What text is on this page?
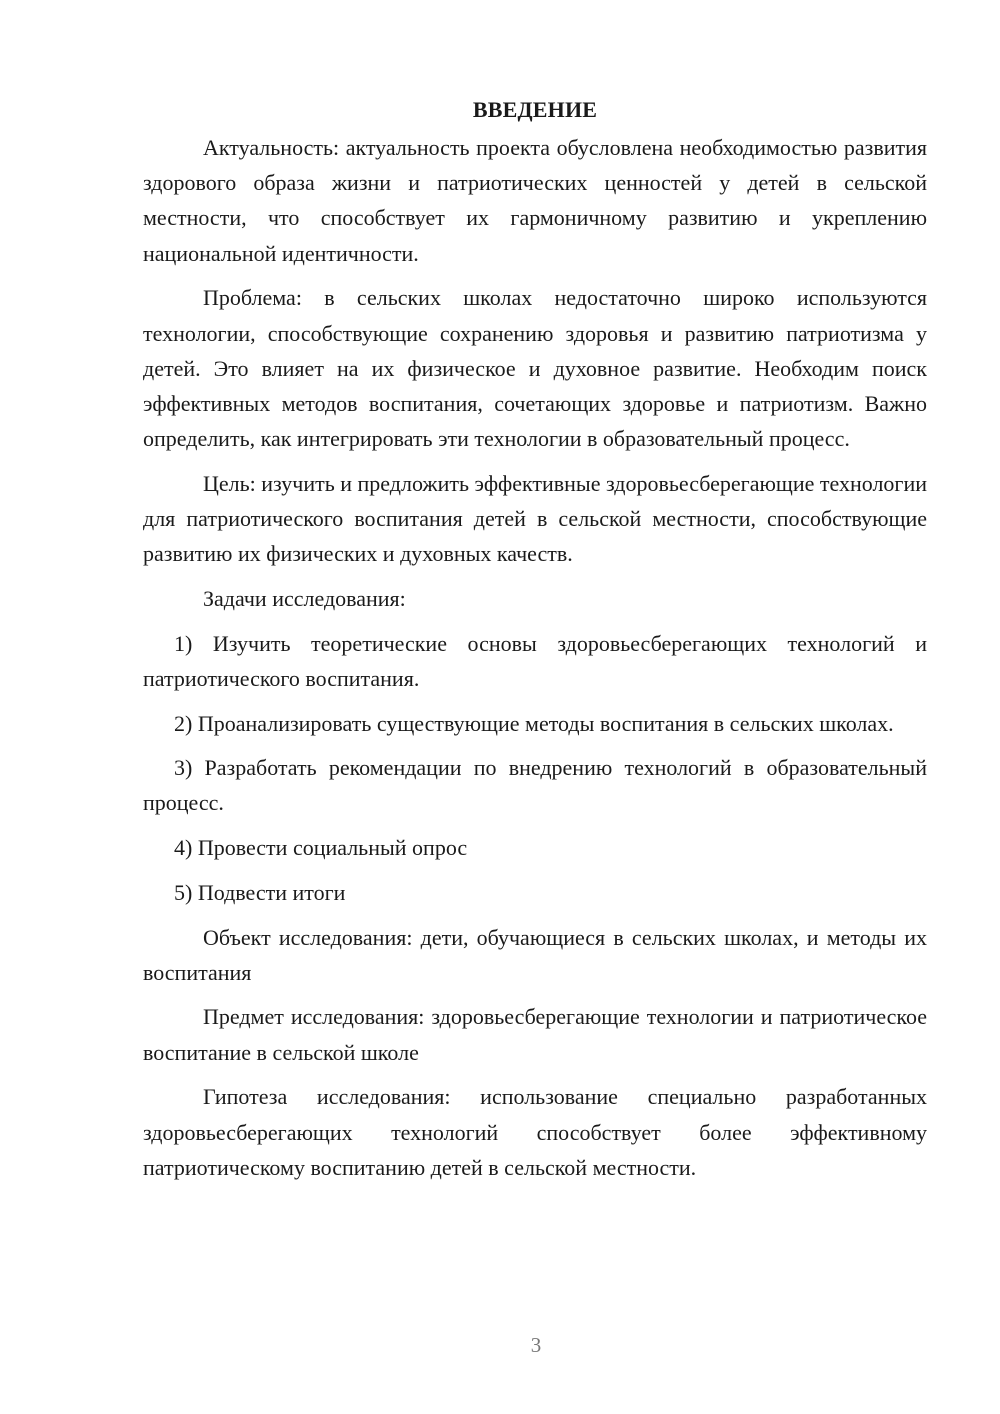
ВВЕДЕНИЕ

Актуальность: актуальность проекта обусловлена необходимостью развития здорового образа жизни и патриотических ценностей у детей в сельской местности, что способствует их гармоничному развитию и укреплению национальной идентичности.

Проблема: в сельских школах недостаточно широко используются технологии, способствующие сохранению здоровья и развитию патриотизма у детей. Это влияет на их физическое и духовное развитие. Необходим поиск эффективных методов воспитания, сочетающих здоровье и патриотизм. Важно определить, как интегрировать эти технологии в образовательный процесс.

Цель: изучить и предложить эффективные здоровьесберегающие технологии для патриотического воспитания детей в сельской местности, способствующие развитию их физических и духовных качеств.

Задачи исследования:

1) Изучить теоретические основы здоровьесберегающих технологий и патриотического воспитания.

2) Проанализировать существующие методы воспитания в сельских школах.

3) Разработать рекомендации по внедрению технологий в образовательный процесс.

4) Провести социальный опрос

5) Подвести итоги

Объект исследования: дети, обучающиеся в сельских школах, и методы их воспитания

Предмет исследования: здоровьесберегающие технологии и патриотическое воспитание в сельской школе

Гипотеза исследования: использование специально разработанных здоровьесберегающих технологий способствует более эффективному патриотическому воспитанию детей в сельской местности.

3
